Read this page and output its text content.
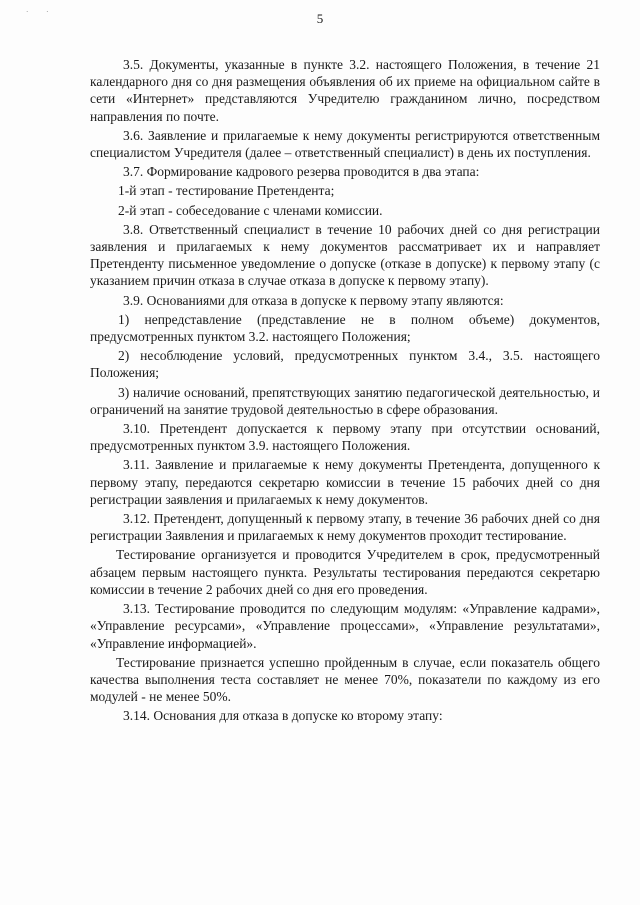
· ·	5

3.5. Документы, указанные в пункте 3.2. настоящего Положения, в течение 21 календарного дня со дня размещения объявления об их приеме на официальном сайте в сети «Интернет» представляются Учредителю гражданином лично, посредством направления по почте.

3.6. Заявление и прилагаемые к нему документы регистрируются ответственным специалистом Учредителя (далее – ответственный специалист) в день их поступления.

3.7. Формирование кадрового резерва проводится в два этапа:

1-й этап - тестирование Претендента;

2-й этап - собеседование с членами комиссии.

3.8. Ответственный специалист в течение 10 рабочих дней со дня регистрации заявления и прилагаемых к нему документов рассматривает их и направляет Претенденту письменное уведомление о допуске (отказе в допуске) к первому этапу (с указанием причин отказа в случае отказа в допуске к первому этапу).

3.9. Основаниями для отказа в допуске к первому этапу являются:

1) непредставление (представление не в полном объеме) документов, предусмотренных пунктом 3.2. настоящего Положения;

2) несоблюдение условий, предусмотренных пунктом 3.4., 3.5. настоящего Положения;

3) наличие оснований, препятствующих занятию педагогической деятельностью, и ограничений на занятие трудовой деятельностью в сфере образования.

3.10. Претендент допускается к первому этапу при отсутствии оснований, предусмотренных пунктом 3.9. настоящего Положения.

3.11. Заявление и прилагаемые к нему документы Претендента, допущенного к первому этапу, передаются секретарю комиссии в течение 15 рабочих дней со дня регистрации заявления и прилагаемых к нему документов.

3.12. Претендент, допущенный к первому этапу, в течение 36 рабочих дней со дня регистрации Заявления и прилагаемых к нему документов проходит тестирование.

Тестирование организуется и проводится Учредителем в срок, предусмотренный абзацем первым настоящего пункта. Результаты тестирования передаются секретарю комиссии в течение 2 рабочих дней со дня его проведения.

3.13. Тестирование проводится по следующим модулям: «Управление кадрами», «Управление ресурсами», «Управление процессами», «Управление результатами», «Управление информацией».

Тестирование признается успешно пройденным в случае, если показатель общего качества выполнения теста составляет не менее 70%, показатели по каждому из его модулей - не менее 50%.

3.14. Основания для отказа в допуске ко второму этапу:
